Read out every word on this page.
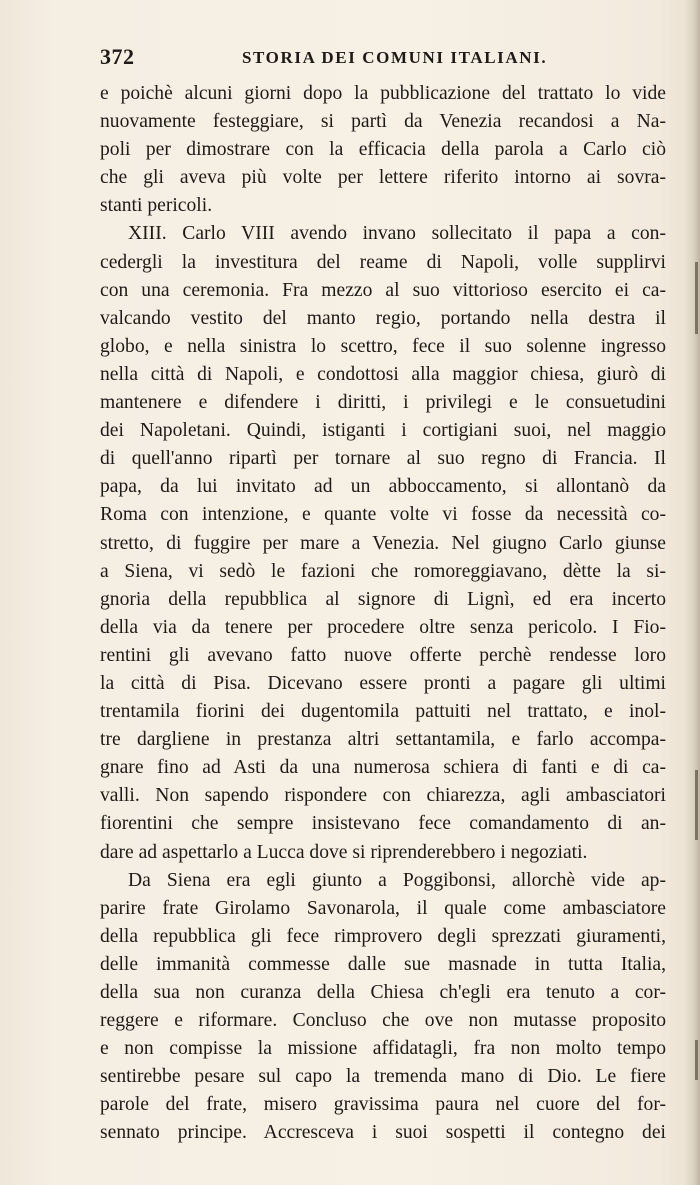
372	STORIA DEI COMUNI ITALIANI.
e poichè alcuni giorni dopo la pubblicazione del trattato lo vide
nuovamente festeggiare, si partì da Venezia recandosi a Na-
poli per dimostrare con la efficacia della parola a Carlo ciò
che gli aveva più volte per lettere riferito intorno ai sovra-
stanti pericoli.
XIII. Carlo VIII avendo invano sollecitato il papa a con-
cedergli la investitura del reame di Napoli, volle supplirvi
con una ceremonia. Fra mezzo al suo vittorioso esercito ei ca-
valcando vestito del manto regio, portando nella destra il
globo, e nella sinistra lo scettro, fece il suo solenne ingresso
nella città di Napoli, e condottosi alla maggior chiesa, giurò di
mantenere e difendere i diritti, i privilegi e le consuetudini
dei Napoletani. Quindi, istiganti i cortigiani suoi, nel maggio
di quell'anno ripartì per tornare al suo regno di Francia. Il
papa, da lui invitato ad un abboccamento, si allontanò da
Roma con intenzione, e quante volte vi fosse da necessità co-
stretto, di fuggire per mare a Venezia. Nel giugno Carlo giunse
a Siena, vi sedò le fazioni che romoreggiavano, dètte la si-
gnoria della repubblica al signore di Lignì, ed era incerto
della via da tenere per procedere oltre senza pericolo. I Fio-
rentini gli avevano fatto nuove offerte perchè rendesse loro
la città di Pisa. Dicevano essere pronti a pagare gli ultimi
trentamila fiorini dei dugentomila pattuiti nel trattato, e inol-
tre dargliene in prestanza altri settantamila, e farlo accompa-
gnare fino ad Asti da una numerosa schiera di fanti e di ca-
valli. Non sapendo rispondere con chiarezza, agli ambasciatori
fiorentini che sempre insistevano fece comandamento di an-
dare ad aspettarlo a Lucca dove si riprenderebbero i negoziati.
Da Siena era egli giunto a Poggibonsi, allorchè vide ap-
parire frate Girolamo Savonarola, il quale come ambasciatore
della repubblica gli fece rimprovero degli sprezzati giuramenti,
delle immanità commesse dalle sue masnade in tutta Italia,
della sua non curanza della Chiesa ch'egli era tenuto a cor-
reggere e riformare. Concluso che ove non mutasse proposito
e non compisse la missione affidatagli, fra non molto tempo
sentirebbe pesare sul capo la tremenda mano di Dio. Le fiere
parole del frate, misero gravissima paura nel cuore del for-
sennato principe. Accresceva i suoi sospetti il contegno dei
